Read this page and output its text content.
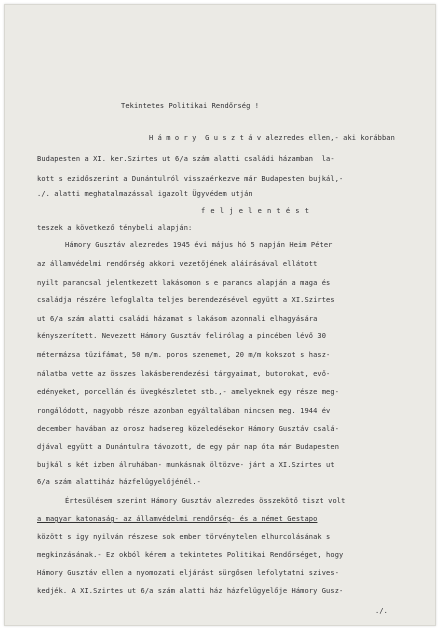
Tekintetes Politikai Rendőrség !
H á m o r y  G u s z t á v alezredes ellen,- aki korábban
Budapesten a XI. ker.Szirtes ut 6/a szám alatti családi házamban  la-
kott s ezidőszerint a Dunántulról visszaérkezve már Budapesten bujkál,-
./. alatti meghatalmazással igazolt Ügyvédem utján
f e l j e l e n t é s t
teszek a következő ténybeli alapján:
Hámory Gusztáv alezredes 1945 évi május hó 5 napján Heim Péter
az államvédelmi rendőrség akkori vezetőjének aláírásával ellátott
nyilt parancsal jelentkezett lakásomon s e parancs alapján a maga és
családja részére lefoglalta teljes berendezésével együtt a XI.Szirtes
ut 6/a szám alatti családi házamat s lakásom azonnali elhagyására
kényszerített. Nevezett Hámory Gusztáv felirólag a pincében lévő 30
métermázsa tüzifámat, 50 m/m. poros szenemet, 20 m/m kokszot s hasz-
nálatba vette az összes lakásberendezési tárgyaimat, butorokat, evő-
edényeket, porcellán és üvegkészletet stb.,- amelyeknek egy része meg-
rongálódott, nagyobb része azonban egyáltalában nincsen meg. 1944 év
december havában az orosz hadsereg közeledésekor Hámory Gusztáv csalá-
djával együtt a Dunántulra távozott, de egy pár nap óta már Budapesten
bujkál s két izben álruhában- munkásnak öltözve- járt a XI.Szirtes ut
6/a szám alattiház házfelügyelőjénél.-
Értesülésem szerint Hámory Gusztáv alezredes összekötő tiszt volt
a magyar katonaság- az államvédelmi rendőrség- és a német Gestapo
között s igy nyilván részese sok ember törvénytelen elhurcolásának s
megkinzásának.- Ez okból kérem a tekintetes Politikai Rendőrséget, hogy
Hámory Gusztáv ellen a nyomozati eljárást sürgősen lefolytatni szives-
kedjék. A XI.Szirtes ut 6/a szám alatti ház házfelügyelője Hámory Gusz-
./.
